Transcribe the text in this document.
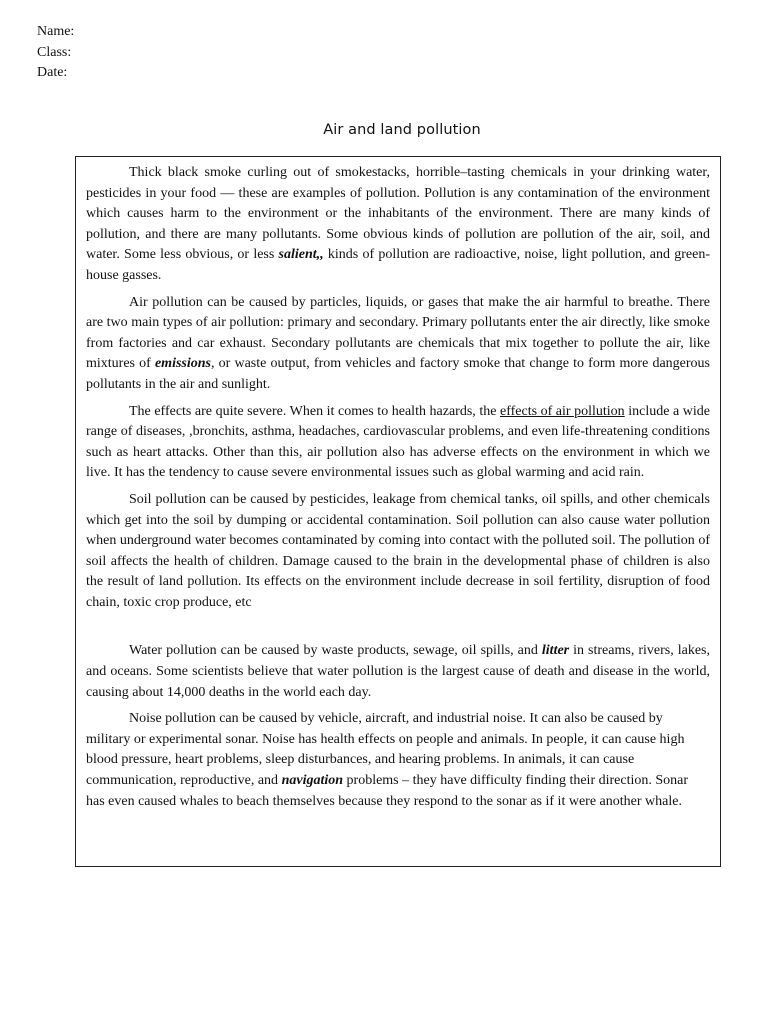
Name:
Class:
Date:
Air and land pollution

Thick black smoke curling out of smokestacks, horrible–tasting chemicals in your drinking water, pesticides in your food — these are examples of pollution. Pollution is any contamination of the environment which causes harm to the environment or the inhabitants of the environment. There are many kinds of pollution, and there are many pollutants. Some obvious kinds of pollution are pollution of the air, soil, and water. Some less obvious, or less salient,, kinds of pollution are radioactive, noise, light pollution, and green-house gasses.

Air pollution can be caused by particles, liquids, or gases that make the air harmful to breathe. There are two main types of air pollution: primary and secondary. Primary pollutants enter the air directly, like smoke from factories and car exhaust. Secondary pollutants are chemicals that mix together to pollute the air, like mixtures of emissions, or waste output, from vehicles and factory smoke that change to form more dangerous pollutants in the air and sunlight.

The effects are quite severe. When it comes to health hazards, the effects of air pollution include a wide range of diseases, ,bronchits, asthma, headaches, cardiovascular problems, and even life-threatening conditions such as heart attacks. Other than this, air pollution also has adverse effects on the environment in which we live. It has the tendency to cause severe environmental issues such as global warming and acid rain.

Soil pollution can be caused by pesticides, leakage from chemical tanks, oil spills, and other chemicals which get into the soil by dumping or accidental contamination. Soil pollution can also cause water pollution when underground water becomes contaminated by coming into contact with the polluted soil. The pollution of soil affects the health of children. Damage caused to the brain in the developmental phase of children is also the result of land pollution. Its effects on the environment include decrease in soil fertility, disruption of food chain, toxic crop produce, etc

Water pollution can be caused by waste products, sewage, oil spills, and litter in streams, rivers, lakes, and oceans. Some scientists believe that water pollution is the largest cause of death and disease in the world, causing about 14,000 deaths in the world each day.

Noise pollution can be caused by vehicle, aircraft, and industrial noise. It can also be caused by military or experimental sonar. Noise has health effects on people and animals. In people, it can cause high blood pressure, heart problems, sleep disturbances, and hearing problems. In animals, it can cause communication, reproductive, and navigation problems – they have difficulty finding their direction. Sonar has even caused whales to beach themselves because they respond to the sonar as if it were another whale.
